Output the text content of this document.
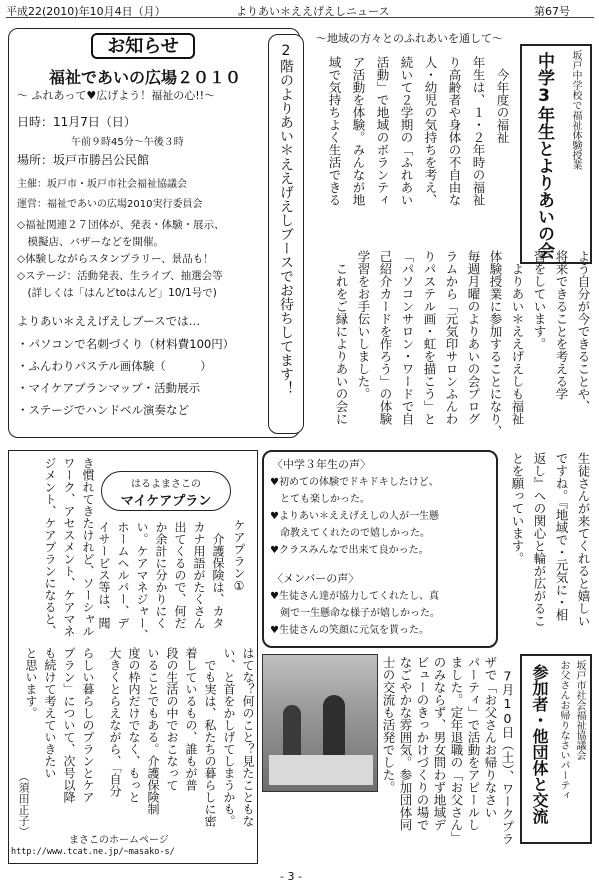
平成22(2010)年10月4日（月）	よりあい＊ええげえしニュース	第67号
お知らせ
福祉であいの広場２０１０
～ ふれあって♥広げよう！福祉の心!!～
日時：11月7日（日）
午前９時45分～午後３時
場所：坂戸市勝呂公民館
主催：坂戸市・坂戸市社会福祉協議会
運営：福祉であいの広場2010実行委員会
◇福祉関連２７団体が、発表・体験・展示、
　模擬店、バザーなどを開催。
◇体験しながらスタンプラリー、景品も！
◇ステージ：活動発表、生ライブ、抽選会等
　(詳しくは「はんどtoはんど」10/1号で)
よりあい＊ええげえしブースでは…
・パソコンで名刺づくり（材料費100円）
・ふんわりパステル画体験（　　　）
・マイケアプランマップ・活動展示
・ステージでハンドベル演奏など
2階のよりあい＊ええげえしブースでお待ちしてます！
～地域の方々とのふれあいを通して～
坂戸中学校で福祉体験授業
中学3年生とよりあいの会
　今年度の福祉
年生は、１・２年時の福祉
り高齢者や身体の不自由な
人・幼児の気持ちを考え、
続いて２学期の「ふれあい
活動」で地域のボランティ
ア活動を体験。みんなが地
域で気持ちよく生活できる
よう自分が今できることや、
将来できることを考える学
習をしています。
　よりあい＊ええげえしも福祉
体験授業に参加することになり、
毎週月曜のよりあいの会プログ
ラムから「元気印サロンふんわ
りパステル画・虹を描こう」と
「パソコンサロン・ワードで自
己紹介カードを作ろう」の体験
学習をお手伝いしました。
　これをご縁によりあいの会に
生徒さんが来てくれると嬉しい
ですね。『地域で・元気に・相
返し』への関心と輪が広がるこ
とを願っています。
〈中学３年生の声〉
♥初めての体験でドキドキしたけど、
　とても楽しかった。
♥よりあい＊ええげえしの人が一生懸
　命教えてくれたので嬉しかった。
♥クラスみんなで出来て良かった。
〈メンバーの声〉
♥生徒さん達が協力してくれたし、真
　剣で一生懸命な様子が嬉しかった。
♥生徒さんの笑顔に元気を貰った。
はるよまさこの
マイケアプラン
ケアプラン①
　介護保険は、カタ
カナ用語がたくさん
出てくるので、何だ
か余計に分かりにく
い。ケアマネジャー、
ホームヘルパー、デ
イサービス等は、聞
き慣れてきたけれど、ソーシャル
ワーク、アセスメント、ケアマネ
ジメント、ケアプランになると、
はてな？何のこと？見たこともな
い、と首をかしげてしまうかも。
　でも実は、私たちの暮らしに密
着しているもの、誰もが普
段の生活の中でおこなって
いることでもある。介護保険制
度の枠内だけでなく、もっと
大きくとらえながら、「自分
らしい暮らしのプランとケア
プラン」について、次号以降
も続けて考えていきたい
と思います。
（須田正子）
まさこのホームページ
http://www.tcat.ne.jp/~masako-s/
坂戸市社会福祉協議会
お父さんお帰りなさいパーティ
参加者・他団体と交流
　7月10日（土）、ワークプラ
ザで「お父さんお帰りなさい
パーティ」で活動をアピールし
ました。定年退職の「お父さん」
のみならず、男女問わず地域デ
ビューのきっかけづくりの場で
なごやかな雰囲気。参加団体同
士の交流も活発でした。
- 3 -
